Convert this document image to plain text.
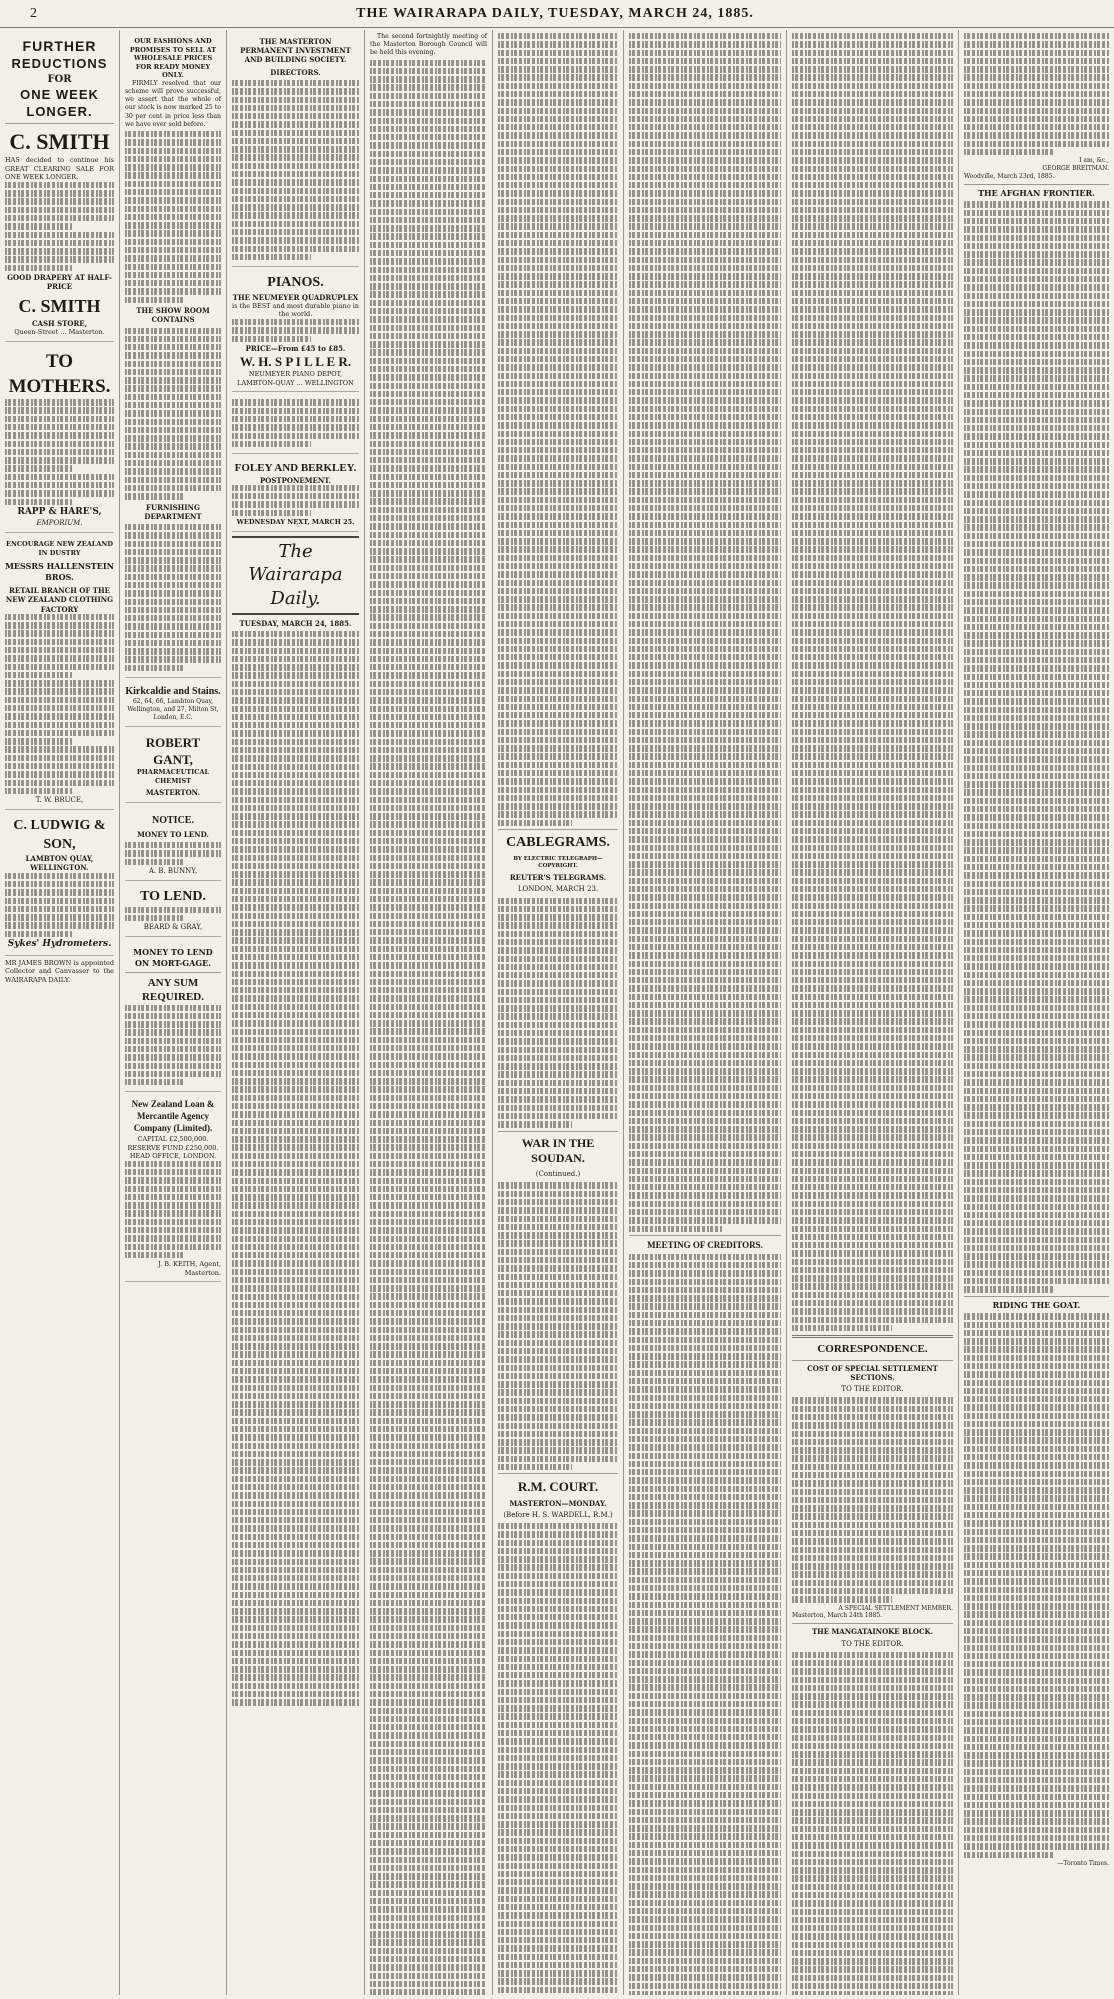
2	THE WAIRARAPA DAILY, TUESDAY, MARCH 24, 1885.
FURTHER
REDUCTIONS
FOR
ONE WEEK
LONGER.
C. SMITH
HAS decided to continue his GREAT CLEARING SALE FOR ONE WEEK LONGER.
GOOD DRAPERY AT HALF-PRICE
C. SMITH
CASH STORE,
Queen-Street ... Masterton.
TO MOTHERS.
RAPP & HARE'S,
EMPORIUM.
ENCOURAGE NEW ZEALAND IN DUSTRY
MESSRS HALLENSTEIN BROS.
RETAIL BRANCH OF THE NEW ZEALAND CLOTHING FACTORY
T. W. BRUCE,
C. LUDWIG & SON,
LAMBTON QUAY, WELLINGTON.
Sykes' Hydrometers.
MR JAMES BROWN is appointed Collector and Canvasser to the WAIRARAPA DAILY.
OUR FASHIONS AND PROMISES TO SELL AT WHOLESALE PRICES FOR READY MONEY ONLY.

FIRMLY resolved that our scheme will prove successful, we assert that the whole of our stock is now marked 25 to 30 per cent in price less than we have ever sold before.

THE SHOW ROOM CONTAINS
FURNISHING DEPARTMENT
Kirkcaldie and Stains.
62, 64, 66, Lambton Quay, Wellington, and 27, Milton St, London, E.C.
ROBERT GANT,
PHARMACEUTICAL CHEMIST
MASTERTON.
NOTICE.
MONEY TO LEND.
A. B. BUNNY,
TO LEND.
BEARD & GRAY,
MONEY TO LEND ON MORT-GAGE.
ANY SUM REQUIRED.
New Zealand Loan & Mercantile Agency Company (Limited).
CAPITAL £2,500,000.
RESERVE FUND £250,000.
HEAD OFFICE, LONDON.
J. B. KEITH, Agent, Masterton.
THE MASTERTON PERMANENT INVESTMENT AND BUILDING SOCIETY.
DIRECTORS.
PIANOS.
THE NEUMEYER QUADRUPLEX
is the BEST and most durable piano in the world.
PRICE—From £45 to £85.
W. H. S P I L L E R.
NEUMEYER PIANO DEPOT,
LAMBTON-QUAY ... WELLINGTON
FOLEY AND BERKLEY.
POSTPONEMENT.
WEDNESDAY NEXT, MARCH 25.
The Wairarapa Daily.
TUESDAY, MARCH 24, 1885.

The second fortnightly meeting of the Masterton Borough Council will be held this evening.

CABLEGRAMS.
BY ELECTRIC TELEGRAPH—COPYRIGHT.
REUTER'S TELEGRAMS.
LONDON, MARCH 23.
WAR IN THE SOUDAN.
(Continued.)
R.M. COURT.
MASTERTON—MONDAY.
(Before H. S. WARDELL, R.M.)
MEETING OF CREDITORS.
CORRESPONDENCE.
COST OF SPECIAL SETTLEMENT SECTIONS.
TO THE EDITOR.
A SPECIAL SETTLEMENT MEMBER.
Masterton, March 24th 1885.
THE MANGATAINOKE BLOCK.
TO THE EDITOR.
I am, &c.,
GEORGE BREITMAN.
Woodville, March 23rd, 1885.
THE AFGHAN FRONTIER.
RIDING THE GOAT.
—Toronto Times.
